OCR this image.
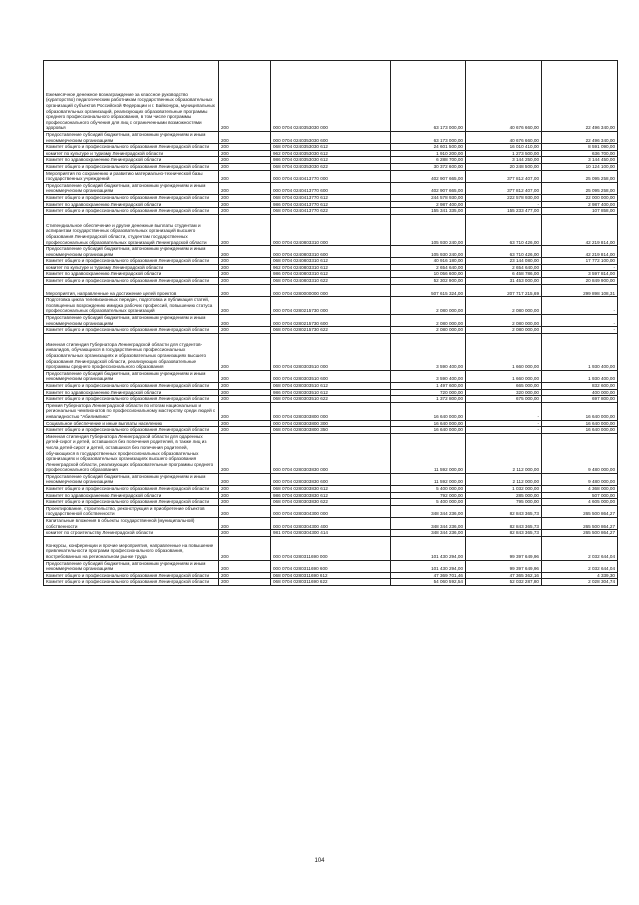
Ежемесячное денежное вознаграждение за классное руководство (кураторство) педагогическим работникам государственных образовательных организаций субъектов Российской Федерации и г. Байконура, муниципальных образовательных организаций, реализующих образовательные программы среднего профессионального образования, в том числе программы профессионального обучения для лиц с ограниченными возможностями здоровья	200	000 0704 0240353030 000	63 173 000,00	40 676 660,00	22 496 340,00
Предоставление субсидий бюджетным, автономным учреждениям и иным некоммерческим организациям	200	000 0704 0240353030 600	63 173 000,00	40 676 660,00	22 496 340,00
Комитет общего и профессионального образования Ленинградской области	200	068 0704 0240353030 612	24 601 500,00	16 010 410,00	8 591 090,00
комитет по культуре и туризму Ленинградской области	200	962 0704 0240353030 612	1 910 200,00	1 273 500,00	636 700,00
Комитет по здравоохранению Ленинградской области	200	986 0704 0240353030 612	6 288 700,00	3 144 250,00	3 144 450,00
Комитет общего и профессионального образования Ленинградской области	200	068 0704 0240353030 622	30 372 600,00	20 248 500,00	10 124 100,00
Мероприятия по сохранению и развитию материально-технической базы государственных учреждений	200	000 0704 0240413770 000	402 907 665,00	377 812 407,00	25 095 258,00
Предоставление субсидий бюджетным, автономным учреждениям и иным некоммерческим организациям	200	000 0704 0240413770 600	402 907 665,00	377 812 407,00	25 095 258,00
Комитет общего и профессионального образования Ленинградской области	200	068 0704 0240413770 612	244 578 930,00	222 578 930,00	22 000 000,00
Комитет по здравоохранению Ленинградской области	200	986 0704 0240413770 612	2 987 400,00	-	2 987 400,00
Комитет общего и профессионального образования Ленинградской области	200	068 0704 0240413770 622	155 341 335,00	155 233 477,00	107 858,00
Стипендиальное обеспечение и другие денежные выплаты студентам и аспирантам государственных образовательных организаций высшего образования Ленинградской области, студентам государственных профессиональных образовательных организаций Ленинградской области	200	000 0704 0240803310 000	105 930 240,00	63 710 426,00	42 219 814,00
Предоставление субсидий бюджетным, автономным учреждениям и иным некоммерческим организациям	200	000 0704 0240803310 600	105 930 240,00	63 710 426,00	42 219 814,00
Комитет общего и профессионального образования Ленинградской области	200	068 0704 0240803310 612	40 916 180,00	23 144 080,00	17 772 100,00
комитет по культуре и туризму Ленинградской области	200	962 0704 0240803310 612	2 654 640,00	2 654 640,00	-
Комитет по здравоохранению Ленинградской области	200	986 0704 0240803310 612	10 056 600,00	6 458 786,00	3 597 814,00
Комитет общего и профессионального образования Ленинградской области	200	068 0704 0240803310 622	52 302 900,00	31 453 000,00	20 849 900,00
Мероприятия, направленные на достижение целей проектов	200	000 0704 0280000000 000	507 615 324,00	207 717 215,69	299 898 108,31
Подготовка цикла телевизионных передач, подготовка и публикация статей, посвященных возрождению имиджа рабочих профессий, повышению статуса профессиональных образовательных организаций	200	000 0704 0280215730 000	2 080 000,00	2 080 000,00	-
Предоставление субсидий бюджетным, автономным учреждениям и иным некоммерческим организациям	200	000 0704 0280215730 600	2 080 000,00	2 080 000,00	-
Комитет общего и профессионального образования Ленинградской области	200	068 0704 0280215730 622	2 080 000,00	2 080 000,00	-
Именная стипендия Губернатора Ленинградской области для студентов-инвалидов, обучающихся в государственных профессиональных образовательных организациях и образовательных организациях высшего образования Ленинградской области, реализующих образовательные программы среднего профессионального образования	200	000 0704 0280303510 000	3 590 400,00	1 660 000,00	1 930 400,00
Предоставление субсидий бюджетным, автономным учреждениям и иным некоммерческим организациям	200	000 0704 0280303510 600	3 590 400,00	1 660 000,00	1 930 400,00
Комитет общего и профессионального образования Ленинградской области	200	068 0704 0280303510 612	1 497 600,00	665 000,00	832 600,00
Комитет по здравоохранению Ленинградской области	200	986 0704 0280303510 612	720 000,00	320 000,00	400 000,00
Комитет общего и профессионального образования Ленинградской области	200	068 0704 0280303510 622	1 372 800,00	675 000,00	697 800,00
Премия Губернатора Ленинградской области по итогам национальных и региональных чемпионатов по профессиональному мастерству среди людей с инвалидностью "Абилимпикс"	200	000 0704 0280303800 000	16 640 000,00	-	16 640 000,00
Социальное обеспечение и иные выплаты населению	200	000 0704 0280303800 300	16 640 000,00	-	16 640 000,00
Комитет общего и профессионального образования Ленинградской области	200	068 0704 0280303800 350	16 640 000,00	-	16 640 000,00
Именная стипендия Губернатора Ленинградской области для одаренных детей-сирот и детей, оставшихся без попечения родителей, в также лиц из числа детей-сирот и детей, оставшихся без попечения родителей, обучающихся в государственных профессиональных образовательных организациях и образовательных организациях высшего образования Ленинградской области, реализующих образовательные программы среднего профессионального образования	200	000 0704 0280303830 000	11 592 000,00	2 112 000,00	9 480 000,00
Предоставление субсидий бюджетным, автономным учреждениям и иным некоммерческим организациям	200	000 0704 0280303830 600	11 592 000,00	2 112 000,00	9 480 000,00
Комитет общего и профессионального образования Ленинградской области	200	068 0704 0280303830 612	5 400 000,00	1 032 000,00	4 368 000,00
Комитет по здравоохранению Ленинградской области	200	986 0704 0280303830 612	792 000,00	285 000,00	507 000,00
Комитет общего и профессионального образования Ленинградской области	200	068 0704 0280303830 622	5 400 000,00	795 000,00	4 605 000,00
Проектирование, строительство, реконструкция и приобретение объектов государственной собственности	200	000 0704 0280304300 000	348 344 236,00	82 843 365,73	265 500 864,27
Капитальные вложения в объекты государственной (муниципальной) собственности	200	000 0704 0280304300 400	348 344 236,00	82 843 365,73	265 500 864,27
комитет по строительству Ленинградской области	200	981 0704 0280304300 414	348 344 236,00	82 843 365,73	265 500 864,27
Конкурсы, конференции и прочие мероприятия, направленные на повышение привлекательности программ профессионального образования, востребованных на региональном рынке труда	200	000 0704 0280311690 000	101 430 294,00	99 397 649,96	2 032 644,04
Предоставление субсидий бюджетным, автономным учреждениям и иным некоммерческим организациям	200	000 0704 0280311690 600	101 430 294,00	99 397 649,96	2 032 644,04
Комитет общего и профессионального образования Ленинградской области	200	068 0704 0280311690 612	47 369 701,46	47 365 362,16	4 339,30
Комитет общего и профессионального образования Ленинградской области	200	068 0704 0280311690 622	54 060 592,54	52 032 287,80	2 028 304,74
104
